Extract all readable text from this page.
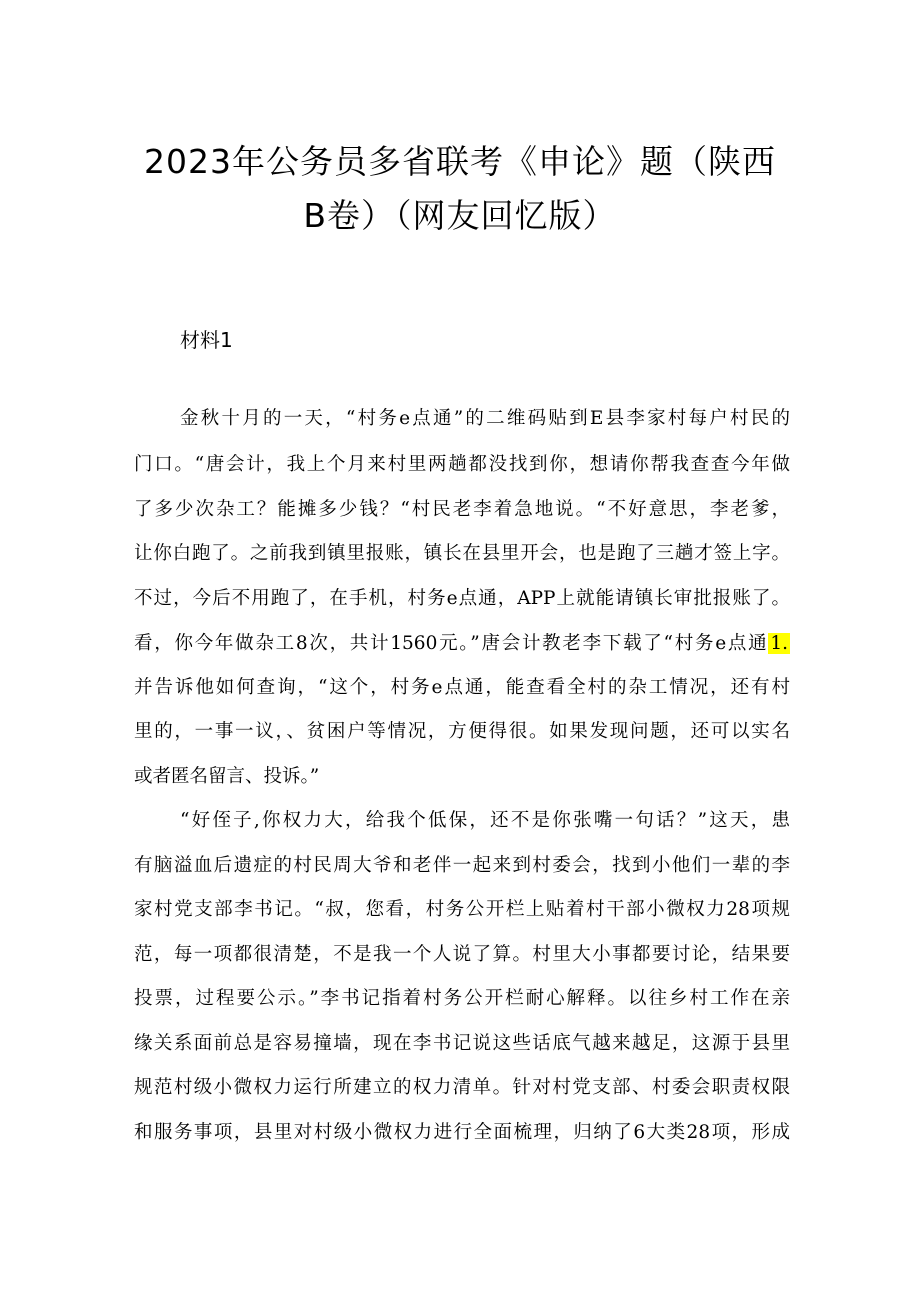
2023年公务员多省联考《申论》题（陕西
B卷）（网友回忆版）
材料1
金秋十月的一天，“村务e点通”的二维码贴到E县李家村每户村民的
门口。“唐会计，我上个月来村里两趟都没找到你，想请你帮我查查今年做
了多少次杂工？能摊多少钱？“村民老李着急地说。“不好意思，李老爹，
让你白跑了。之前我到镇里报账，镇长在县里开会，也是跑了三趟才签上字。
不过，今后不用跑了，在手机，村务e点通，APP上就能请镇长审批报账了。
看，你今年做杂工8次，共计1560元。”唐会计教老李下载了“村务e点通 1.
并告诉他如何查询，“这个，村务e点通，能查看全村的杂工情况，还有村
里的，一事一议，、贫困户等情况，方便得很。如果发现问题，还可以实名
或者匿名留言、投诉。”
“好侄子,你权力大，给我个低保，还不是你张嘴一句话？”这天，患
有脑溢血后遗症的村民周大爷和老伴一起来到村委会，找到小他们一辈的李
家村党支部李书记。“叔，您看，村务公开栏上贴着村干部小微权力28项规
范，每一项都很清楚，不是我一个人说了算。村里大小事都要讨论，结果要
投票，过程要公示。”李书记指着村务公开栏耐心解释。以往乡村工作在亲
缘关系面前总是容易撞墙，现在李书记说这些话底气越来越足，这源于县里
规范村级小微权力运行所建立的权力清单。针对村党支部、村委会职责权限
和服务事项，县里对村级小微权力进行全面梳理，归纳了6大类28项，形成
